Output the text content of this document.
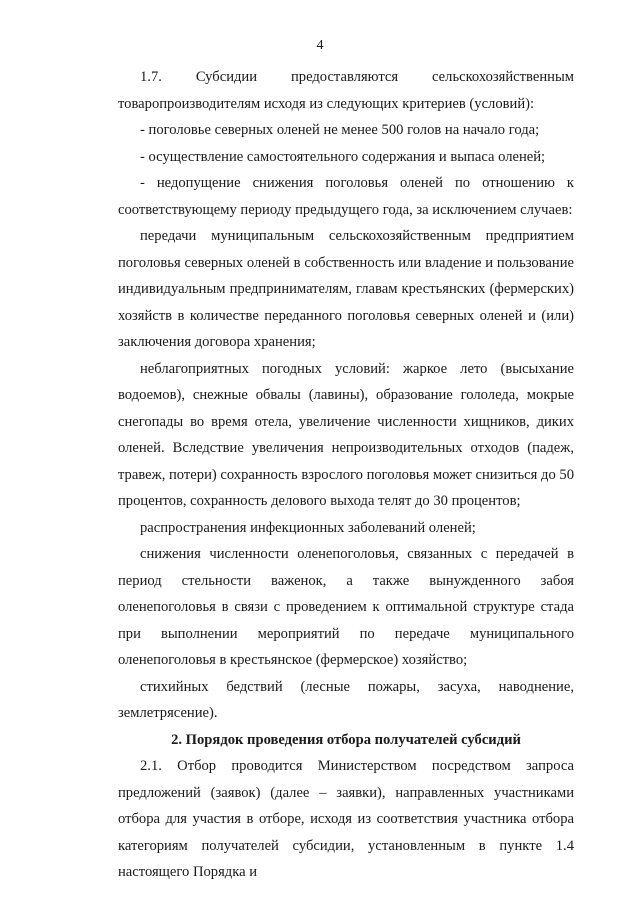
4
1.7.	Субсидии	предоставляются	сельскохозяйственным

товаропроизводителям исходя из следующих критериев (условий):

- поголовье северных оленей не менее 500 голов на начало года;

- осуществление самостоятельного содержания и выпаса оленей;

- недопущение снижения поголовья оленей по отношению к соответствующему периоду предыдущего года, за исключением случаев:

передачи муниципальным сельскохозяйственным предприятием поголовья северных оленей в собственность или владение и пользование индивидуальным предпринимателям, главам крестьянских (фермерских) хозяйств в количестве переданного поголовья северных оленей и (или) заключения договора хранения;

неблагоприятных погодных условий: жаркое лето (высыхание водоемов), снежные обвалы (лавины), образование гололеда, мокрые снегопады во время отела, увеличение численности хищников, диких оленей. Вследствие увеличения непроизводительных отходов (падеж, травеж, потери) сохранность взрослого поголовья может снизиться до 50 процентов, сохранность делового выхода телят до 30 процентов;

распространения инфекционных заболеваний оленей;

снижения численности оленепоголовья, связанных с передачей в период стельности важенок, а также вынужденного забоя оленепоголовья в связи с проведением к оптимальной структуре стада при выполнении мероприятий по передаче муниципального оленепоголовья в крестьянское (фермерское) хозяйство;

стихийных бедствий (лесные пожары, засуха, наводнение, землетрясение).

2. Порядок проведения отбора получателей субсидий

2.1. Отбор проводится Министерством посредством запроса предложений (заявок) (далее – заявки), направленных участниками отбора для участия в отборе, исходя из соответствия участника отбора категориям получателей субсидии, установленным в пункте 1.4 настоящего Порядка и
